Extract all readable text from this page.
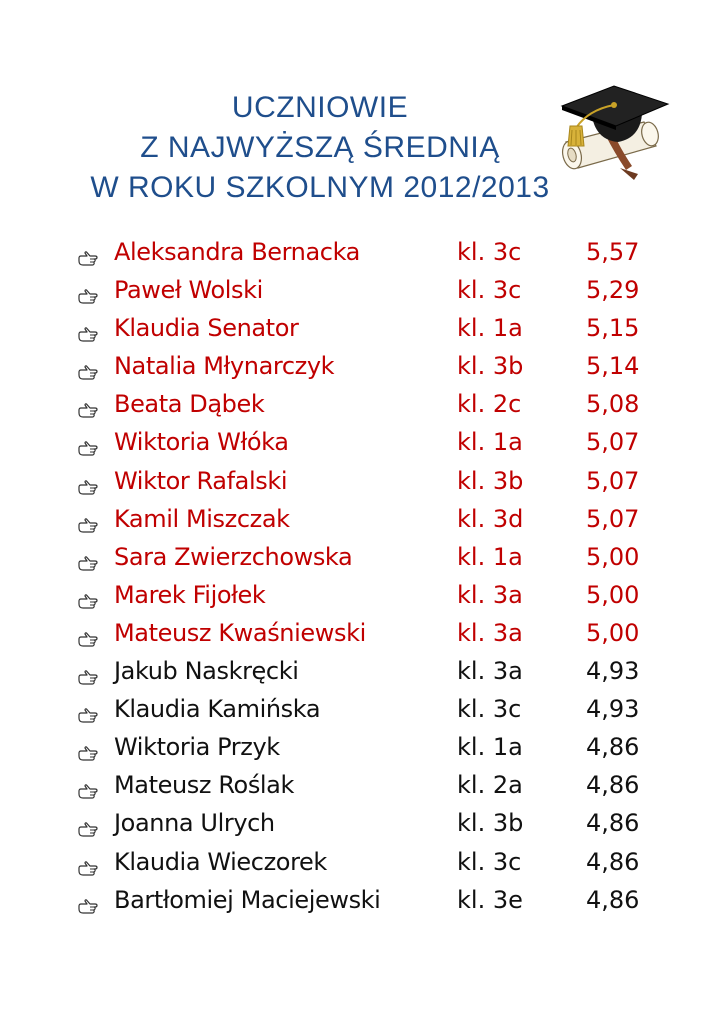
UCZNIOWIE
Z NAJWYŻSZĄ ŚREDNIĄ
W ROKU SZKOLNYM 2012/2013
Aleksandra Bernacka	kl. 3c	5,57
Paweł Wolski	kl. 3c	5,29
Klaudia Senator	kl. 1a	5,15
Natalia Młynarczyk	kl. 3b	5,14
Beata Dąbek	kl. 2c	5,08
Wiktoria Włóka	kl. 1a	5,07
Wiktor Rafalski	kl. 3b	5,07
Kamil Miszczak	kl. 3d	5,07
Sara Zwierzchowska	kl. 1a	5,00
Marek Fijołek	kl. 3a	5,00
Mateusz Kwaśniewski	kl. 3a	5,00
Jakub Naskręcki	kl. 3a	4,93
Klaudia Kamińska	kl. 3c	4,93
Wiktoria Przyk	kl. 1a	4,86
Mateusz Roślak	kl. 2a	4,86
Joanna Ulrych	kl. 3b	4,86
Klaudia Wieczorek	kl. 3c	4,86
Bartłomiej Maciejewski	kl. 3e	4,86
